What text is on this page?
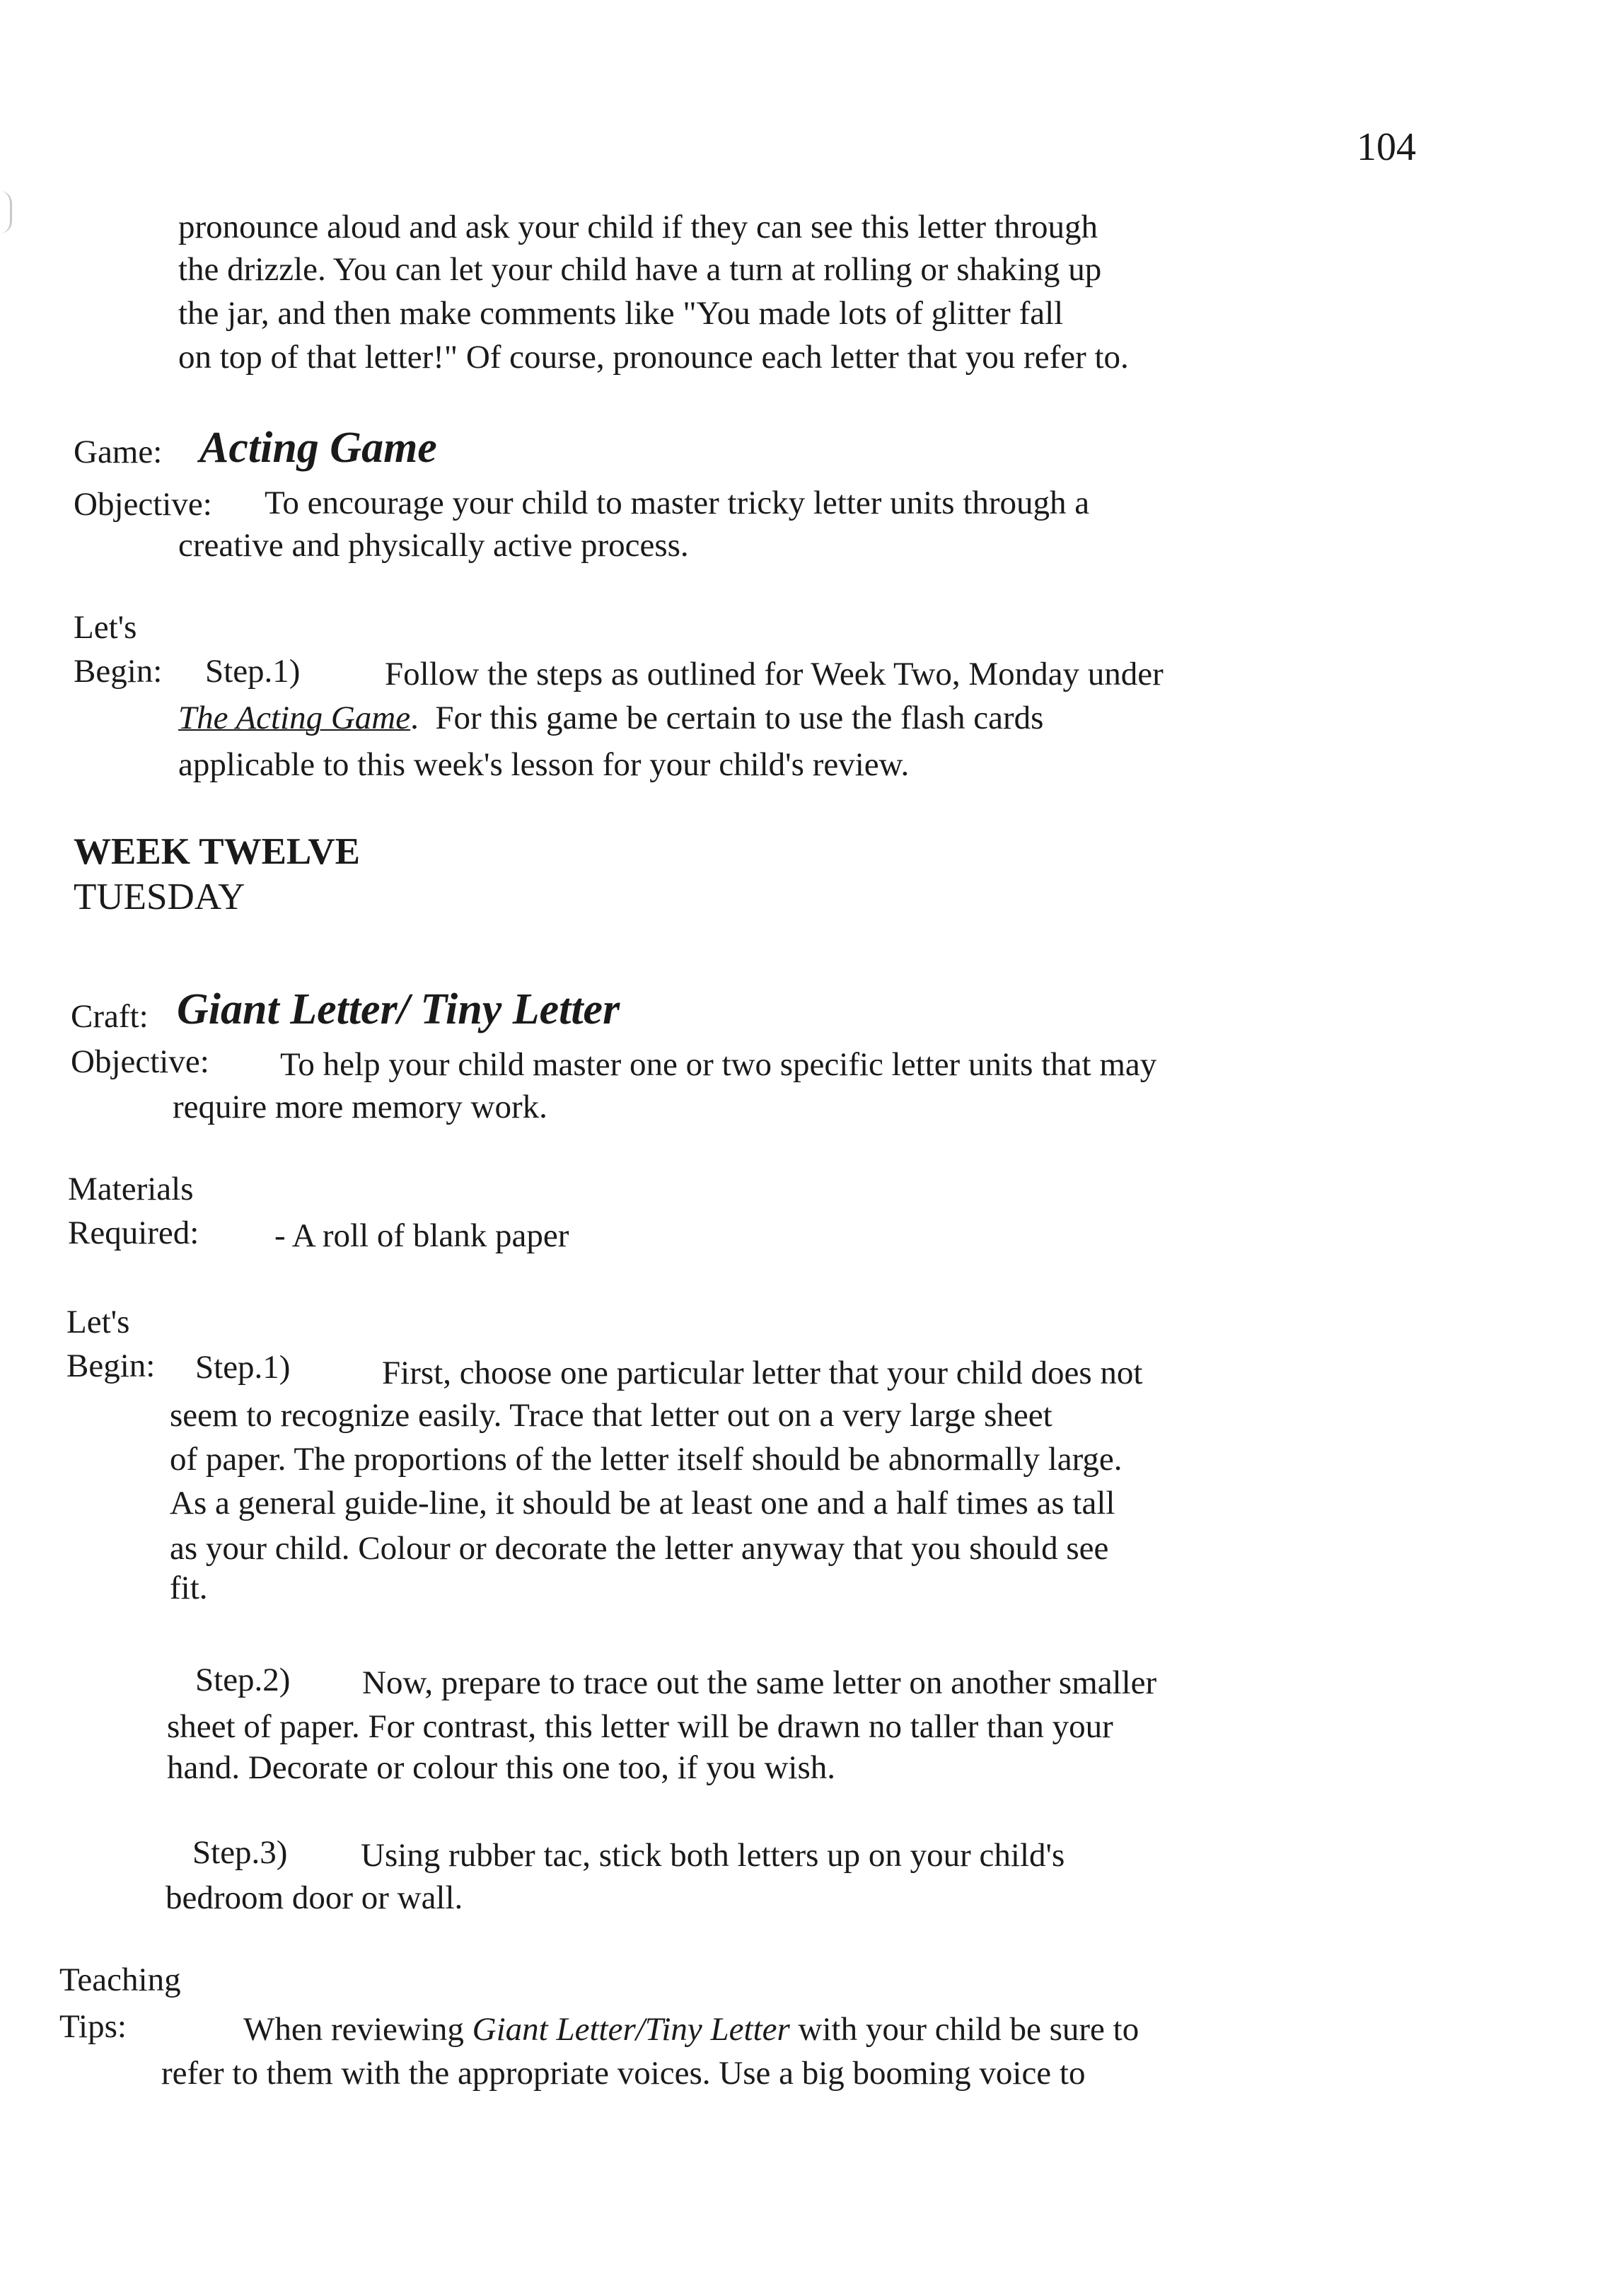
104
pronounce aloud and ask your child if they can see this letter through
the drizzle. You can let your child have a turn at rolling or shaking up
the jar, and then make comments like "You made lots of glitter fall
on top of that letter!" Of course, pronounce each letter that you refer to.
Game: Acting Game
Objective: To encourage your child to master tricky letter units through a
creative and physically active process.
Let's
Begin: Step.1)	Follow the steps as outlined for Week Two, Monday under
The Acting Game. For this game be certain to use the flash cards
applicable to this week's lesson for your child's review.
WEEK TWELVE
TUESDAY
Craft: Giant Letter/ Tiny Letter
Objective: To help your child master one or two specific letter units that may
require more memory work.
Materials
Required: - A roll of blank paper
Let's
Begin: Step.1)	First, choose one particular letter that your child does not
seem to recognize easily. Trace that letter out on a very large sheet
of paper. The proportions of the letter itself should be abnormally large.
As a general guide-line, it should be at least one and a half times as tall
as your child. Colour or decorate the letter anyway that you should see
fit.
Step.2) Now, prepare to trace out the same letter on another smaller
sheet of paper. For contrast, this letter will be drawn no taller than your
hand. Decorate or colour this one too, if you wish.
Step.3) Using rubber tac, stick both letters up on your child's
bedroom door or wall.
Teaching
Tips:	When reviewing Giant Letter/Tiny Letter with your child be sure to
refer to them with the appropriate voices. Use a big booming voice to
